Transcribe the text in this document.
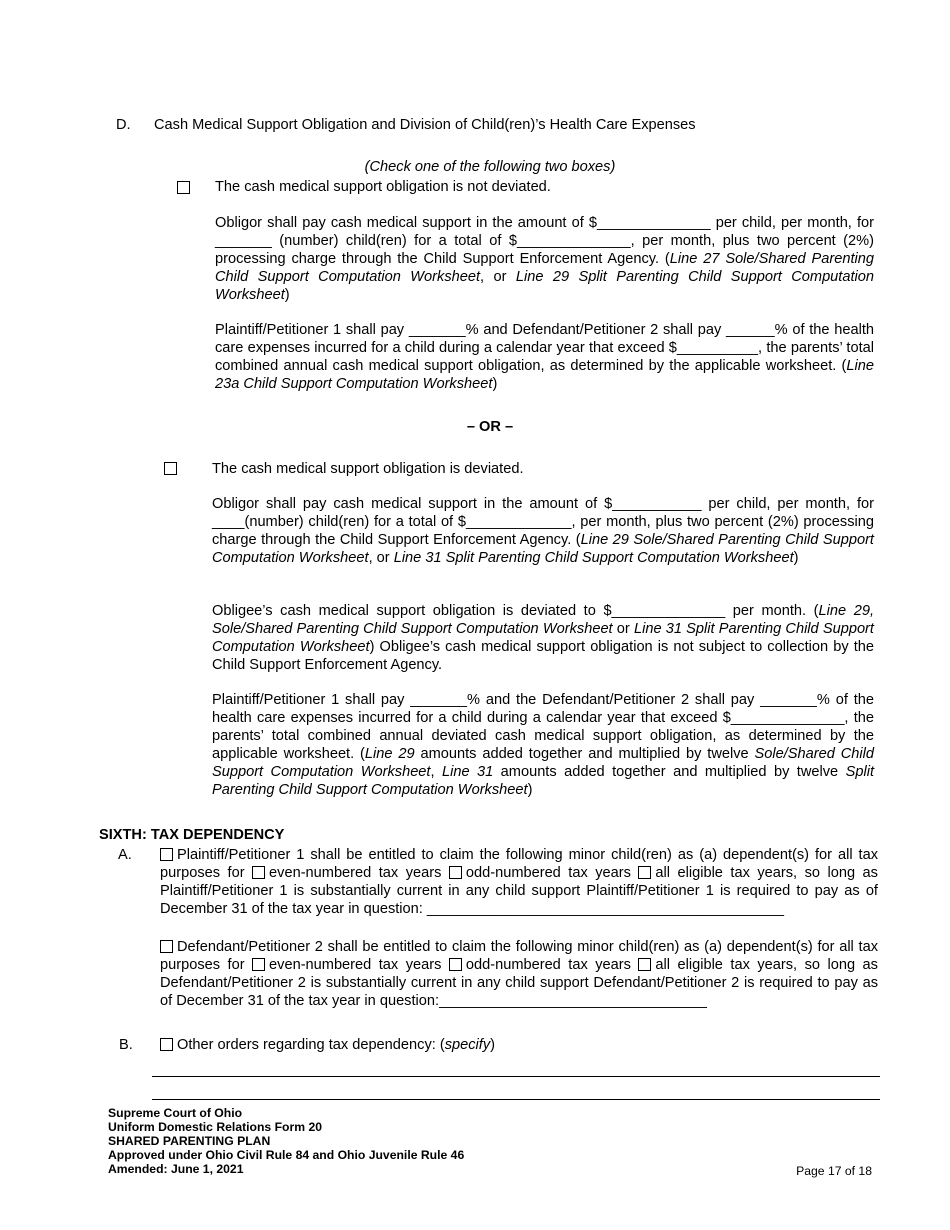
D. Cash Medical Support Obligation and Division of Child(ren)’s Health Care Expenses
(Check one of the following two boxes)
The cash medical support obligation is not deviated.
Obligor shall pay cash medical support in the amount of $______________ per child, per month, for _______ (number) child(ren) for a total of $______________, per month, plus two percent (2%) processing charge through the Child Support Enforcement Agency. (Line 27 Sole/Shared Parenting Child Support Computation Worksheet, or Line 29 Split Parenting Child Support Computation Worksheet)
Plaintiff/Petitioner 1 shall pay _______% and Defendant/Petitioner 2 shall pay ______% of the health care expenses incurred for a child during a calendar year that exceed $__________, the parents’ total combined annual cash medical support obligation, as determined by the applicable worksheet. (Line 23a Child Support Computation Worksheet)
– OR –
The cash medical support obligation is deviated.
Obligor shall pay cash medical support in the amount of $___________ per child, per month, for ____(number) child(ren) for a total of $_____________, per month, plus two percent (2%) processing charge through the Child Support Enforcement Agency. (Line 29 Sole/Shared Parenting Child Support Computation Worksheet, or Line 31 Split Parenting Child Support Computation Worksheet)
Obligee’s cash medical support obligation is deviated to $______________ per month. (Line 29, Sole/Shared Parenting Child Support Computation Worksheet or Line 31 Split Parenting Child Support Computation Worksheet) Obligee’s cash medical support obligation is not subject to collection by the Child Support Enforcement Agency.
Plaintiff/Petitioner 1 shall pay _______% and the Defendant/Petitioner 2 shall pay _______% of the health care expenses incurred for a child during a calendar year that exceed $______________, the parents’ total combined annual deviated cash medical support obligation, as determined by the applicable worksheet. (Line 29 amounts added together and multiplied by twelve Sole/Shared Child Support Computation Worksheet, Line 31 amounts added together and multiplied by twelve Split Parenting Child Support Computation Worksheet)
SIXTH: TAX DEPENDENCY
A.	Plaintiff/Petitioner 1 shall be entitled to claim the following minor child(ren) as (a) dependent(s) for all tax purposes for even-numbered tax years odd-numbered tax years all eligible tax years, so long as Plaintiff/Petitioner 1 is substantially current in any child support Plaintiff/Petitioner 1 is required to pay as of December 31 of the tax year in question: ____________________________________________
Defendant/Petitioner 2 shall be entitled to claim the following minor child(ren) as (a) dependent(s) for all tax purposes for even-numbered tax years odd-numbered tax years all eligible tax years, so long as Defendant/Petitioner 2 is substantially current in any child support Defendant/Petitioner 2 is required to pay as of December 31 of the tax year in question:_________________________________
B.	Other orders regarding tax dependency: (specify)
Supreme Court of Ohio
Uniform Domestic Relations Form 20
SHARED PARENTING PLAN
Approved under Ohio Civil Rule 84 and Ohio Juvenile Rule 46
Amended: June 1, 2021	Page 17 of 18
